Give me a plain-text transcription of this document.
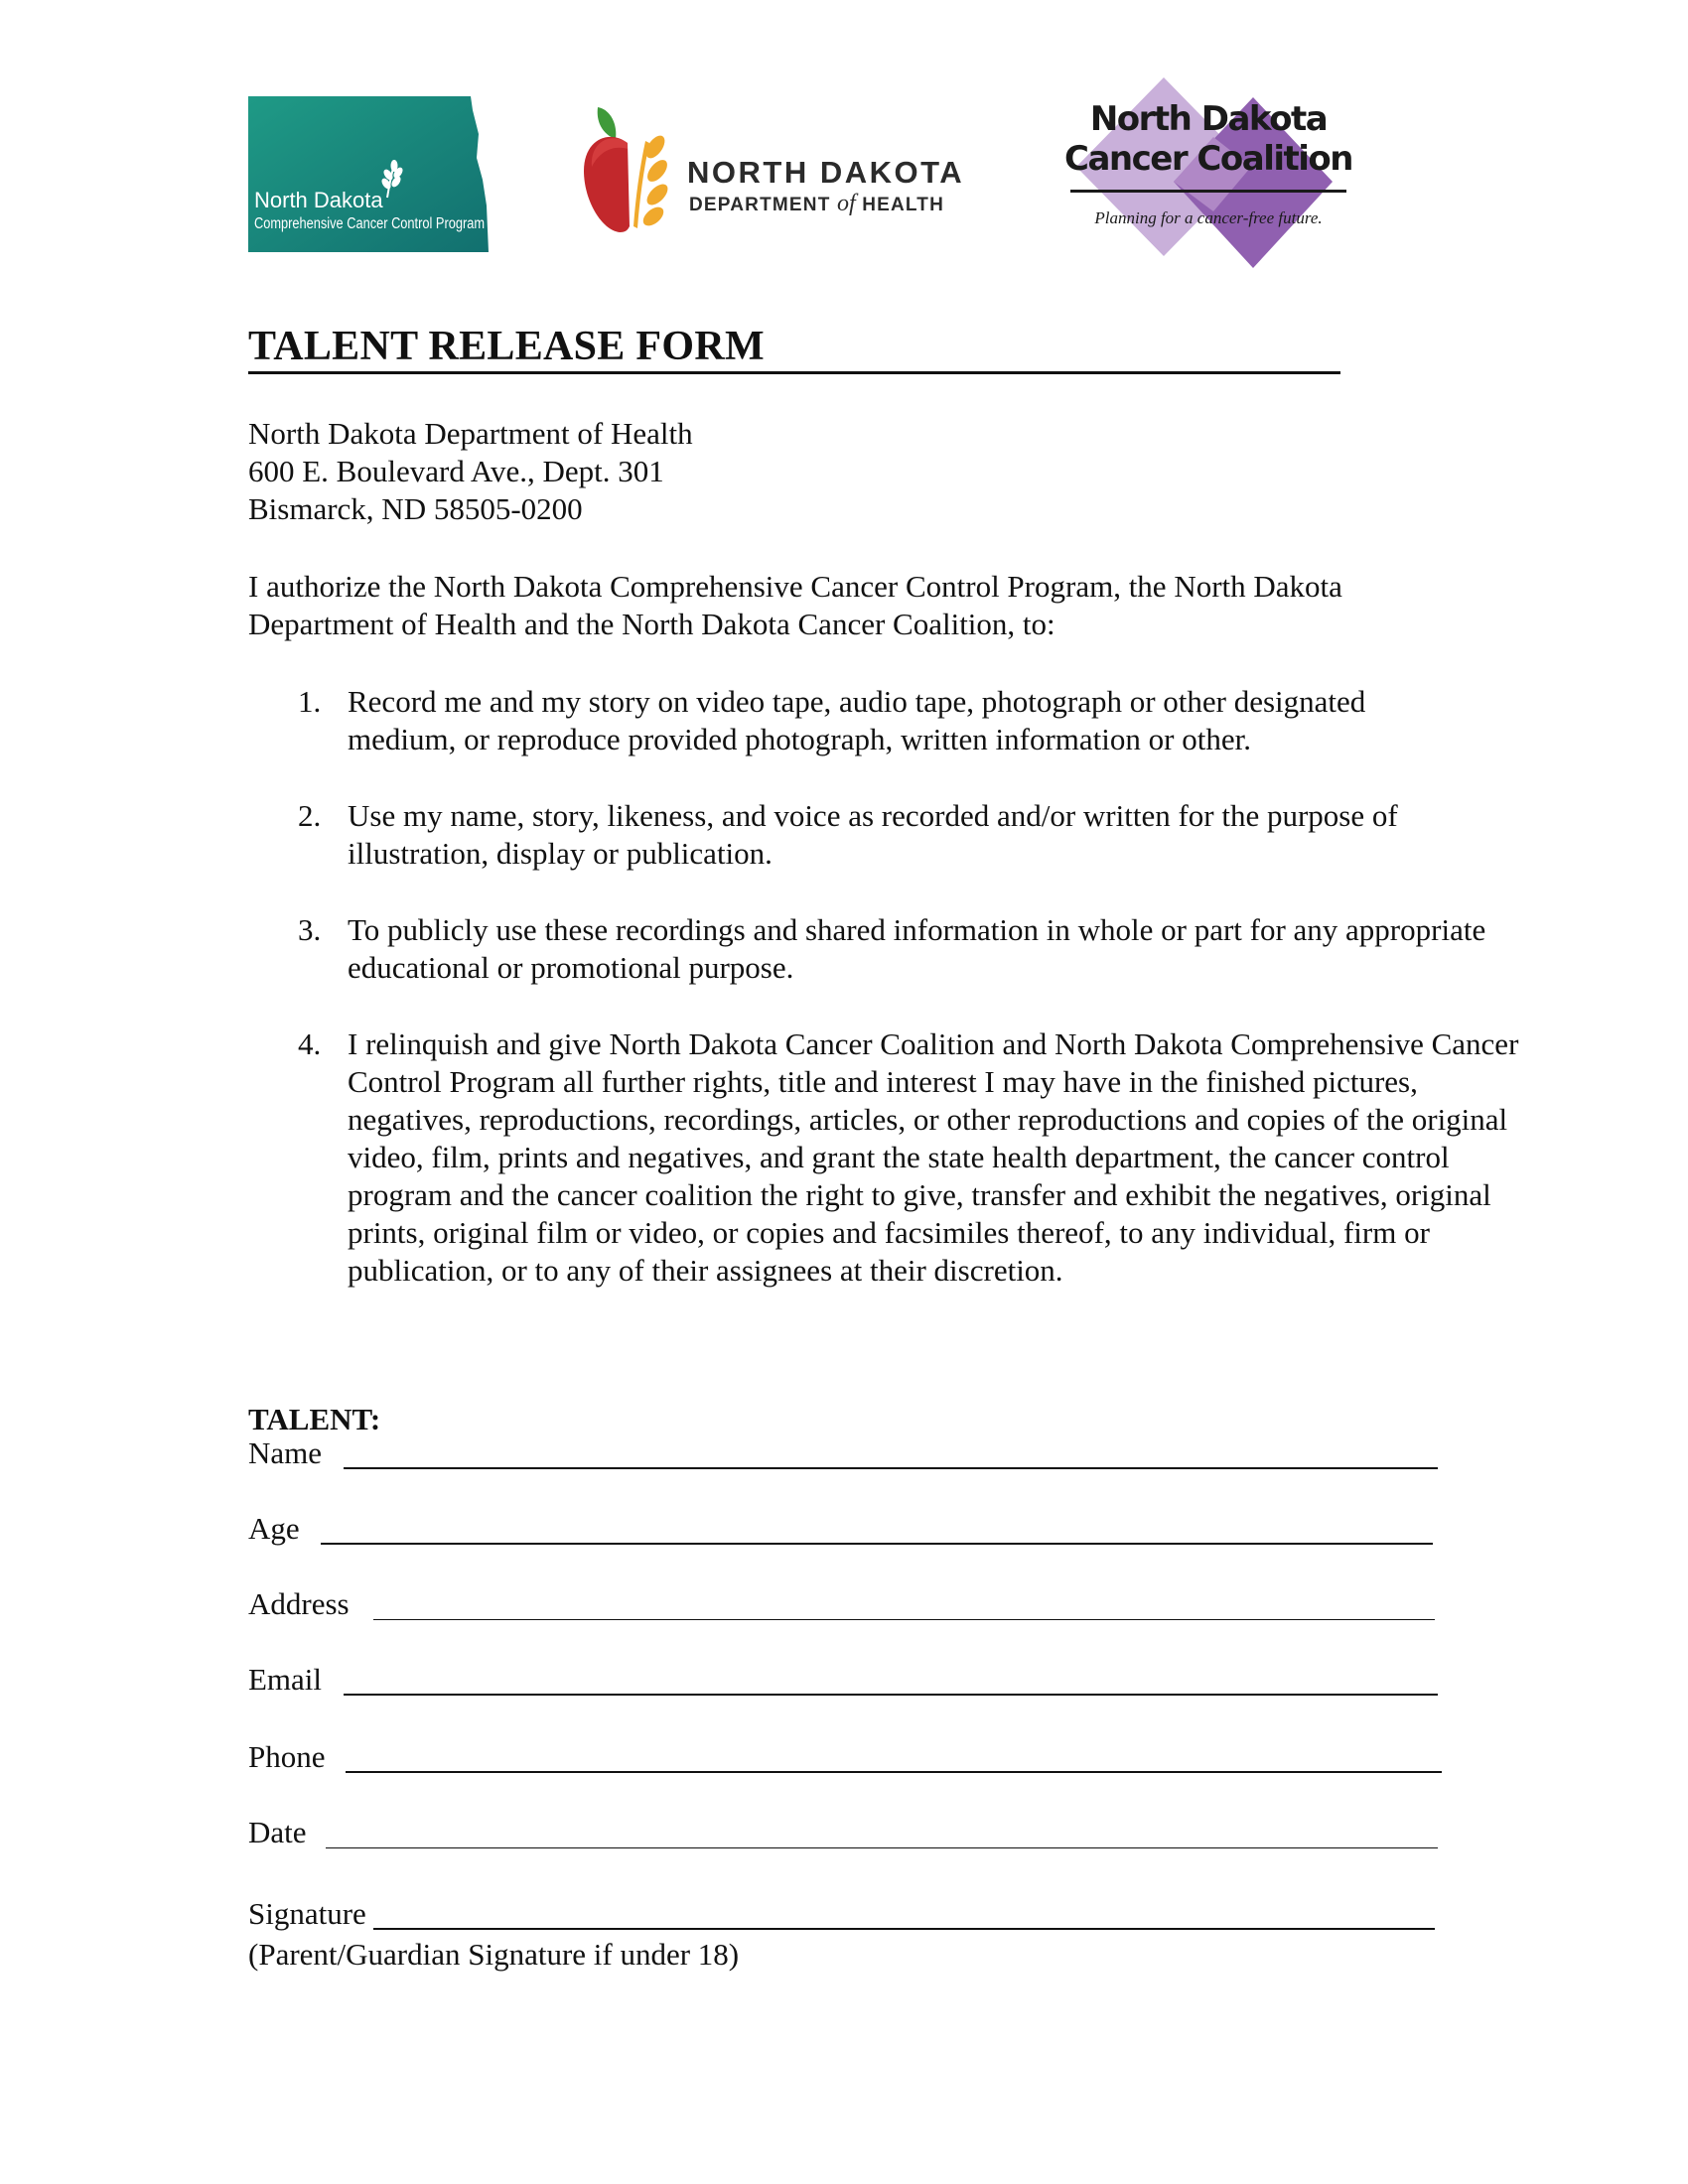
North Dakota
Comprehensive Cancer Control Program
NORTH DAKOTA
DEPARTMENT of HEALTH
North Dakota
Cancer Coalition
Planning for a cancer-free future.
TALENT RELEASE FORM
North Dakota Department of Health
600 E. Boulevard Ave., Dept. 301
Bismarck, ND 58505-0200

I authorize the North Dakota Comprehensive Cancer Control Program, the North Dakota Department of Health and the North Dakota Cancer Coalition, to:

1. Record me and my story on video tape, audio tape, photograph or other designated medium, or reproduce provided photograph, written information or other.
2. Use my name, story, likeness, and voice as recorded and/or written for the purpose of illustration, display or publication.
3. To publicly use these recordings and shared information in whole or part for any appropriate educational or promotional purpose.
4. I relinquish and give North Dakota Cancer Coalition and North Dakota Comprehensive Cancer Control Program all further rights, title and interest I may have in the finished pictures, negatives, reproductions, recordings, articles, or other reproductions and copies of the original video, film, prints and negatives, and grant the state health department, the cancer control program and the cancer coalition the right to give, transfer and exhibit the negatives, original prints, original film or video, or copies and facsimiles thereof, to any individual, firm or publication, or to any of their assignees at their discretion.
TALENT:
Name
Age
Address
Email
Phone
Date
Signature
(Parent/Guardian Signature if under 18)
